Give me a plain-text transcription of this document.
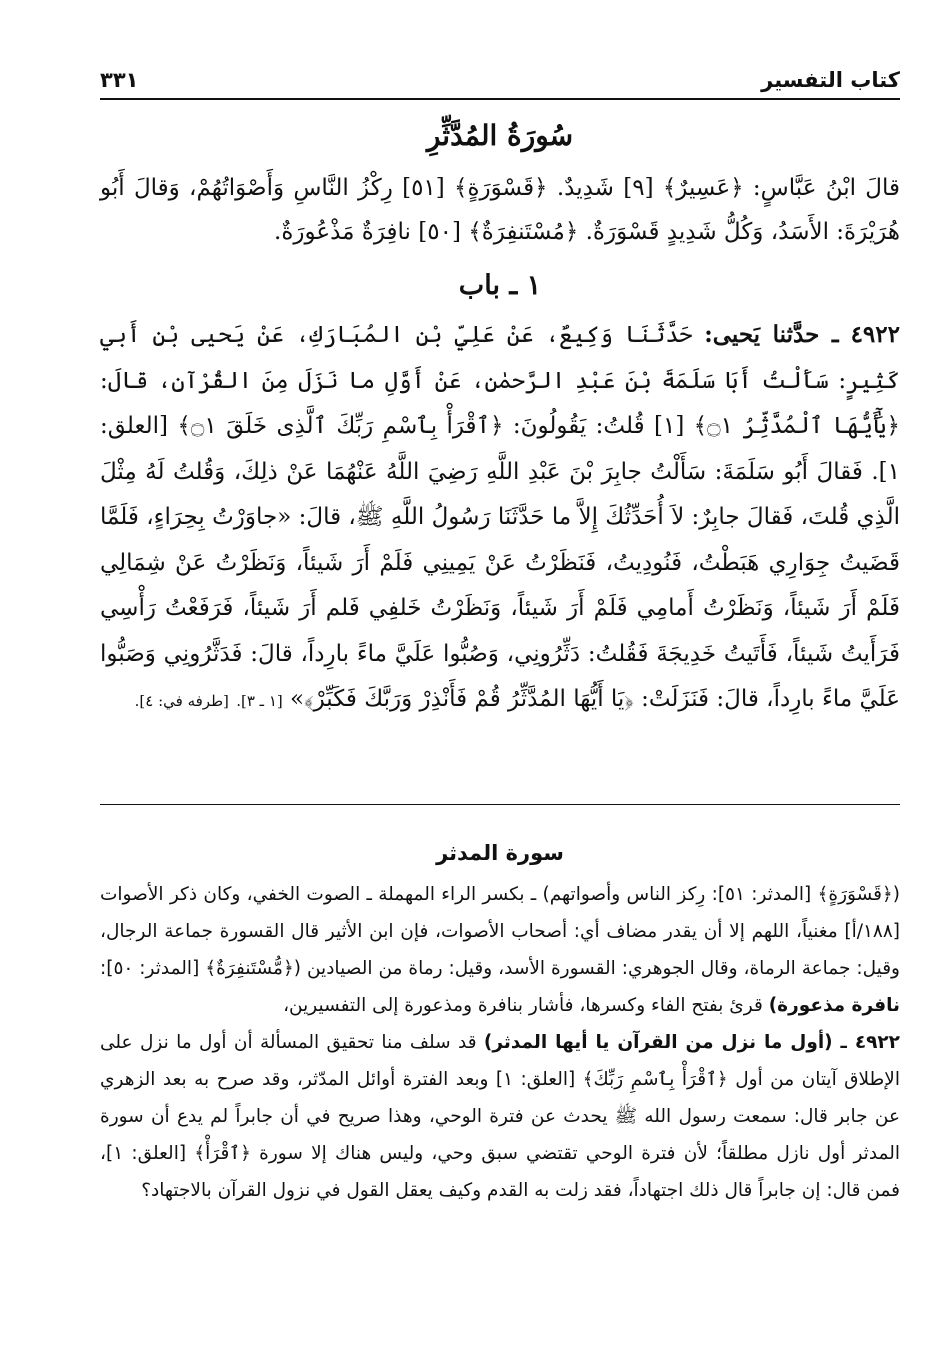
كتاب التفسير
٣٣١
سُورَةُ المُدَّثِّرِ

قالَ ابْنُ عَبَّاسٍ: ﴿عَسِيرٌ﴾ [٩] شَدِيدٌ. ﴿قَسْوَرَةٍ﴾ [٥١] رِكْزُ النَّاسِ وَأَصْوَاتُهُمْ، وَقالَ أَبُو هُرَيْرَةَ: الأَسَدُ، وَكُلُّ شَدِيدٍ قَسْوَرَةٌ. ﴿مُسْتَنفِرَةٌ﴾ [٥٠] نافِرَةٌ مَذْعُورَةٌ.

١ ـ باب

٤٩٢٢ ـ حدَّثنا يَحيى: حَدَّثَنَا وَكِيعٌ، عَنْ عَلِيِّ بْنِ المُبَارَكِ، عَنْ يَحيى بْنِ أَبي كَثِيرٍ: سَأَلْتُ أَبَا سَلَمَةَ بْنَ عَبْدِ الرَّحمٰنِ، عَنْ أَوَّلِ ما نَزَلَ مِنَ القُرْآنِ، قالَ: ﴿يَٰٓأَيُّهَا ٱلْمُدَّثِّرُ ۝١﴾ [١] قُلتُ: يَقُولُونَ: ﴿ٱقْرَأْ بِٱسْمِ رَبِّكَ ٱلَّذِى خَلَقَ ۝١﴾ [العلق: ١]. فَقالَ أَبُو سَلَمَةَ: سَأَلْتُ جابِرَ بْنَ عَبْدِ اللَّهِ رَضِيَ اللَّهُ عَنْهُمَا عَنْ ذلِكَ، وَقُلتُ لَهُ مِثْلَ الَّذِي قُلتَ، فَقالَ جابِرٌ: لاَ أُحَدِّثُكَ إِلاَّ ما حَدَّثَنَا رَسُولُ اللَّهِ ﷺ، قالَ: «جاوَرْتُ بِحِرَاءٍ، فَلَمَّا قَضَيتُ جِوَارِي هَبَطْتُ، فَنُودِيتُ، فَنَظَرْتُ عَنْ يَمِينِي فَلَمْ أَرَ شَيئاً، وَنَظَرْتُ عَنْ شِمَالِي فَلَمْ أَرَ شَيئاً، وَنَظَرْتُ أَمامِي فَلَمْ أَرَ شَيئاً، وَنَظَرْتُ خَلفِي فَلم أَرَ شَيئاً، فَرَفَعْتُ رَأْسِي فَرَأَيتُ شَيئاً، فَأَتَيتُ خَدِيجَةَ فَقُلتُ: دَثِّرُونِي، وَصُبُّوا عَلَيَّ ماءً بارِداً، قالَ: فَدَثَّرُونِي وَصَبُّوا عَلَيَّ ماءً بارِداً، قالَ: فَنَزَلَتْ: ﴿يَا أَيُّهَا المُدَّثِّرُ قُمْ فَأَنْذِرْ وَرَبَّكَ فَكَبِّرْ﴾» [١ ـ ٣]. [طرفه في: ٤].

سورة المدثر

(﴿قَسْوَرَةٍ﴾ [المدثر: ٥١]: رِكز الناس وأصواتهم) ـ بكسر الراء المهملة ـ الصوت الخفي، وكان ذكر الأصوات [١٨٨/أ] مغنياً، اللهم إلا أن يقدر مضاف أي: أصحاب الأصوات، فإن ابن الأثير قال القسورة جماعة الرجال، وقيل: جماعة الرماة، وقال الجوهري: القسورة الأسد، وقيل: رماة من الصيادين (﴿مُّسْتَنفِرَةٌ﴾ [المدثر: ٥٠]: نافرة مذعورة) قرئ بفتح الفاء وكسرها، فأشار بنافرة ومذعورة إلى التفسيرين،

٤٩٢٢ ـ (أول ما نزل من القرآن يا أيها المدثر) قد سلف منا تحقيق المسألة أن أول ما نزل على الإطلاق آيتان من أول ﴿ٱقْرَأْ بِٱسْمِ رَبِّكَ﴾ [العلق: ١] وبعد الفترة أوائل المدّثر، وقد صرح به بعد الزهري عن جابر قال: سمعت رسول الله ﷺ يحدث عن فترة الوحي، وهذا صريح في أن جابراً لم يدع أن سورة المدثر أول نازل مطلقاً؛ لأن فترة الوحي تقتضي سبق وحي، وليس هناك إلا سورة ﴿ٱقْرَأْ﴾ [العلق: ١]، فمن قال: إن جابراً قال ذلك اجتهاداً، فقد زلت به القدم وكيف يعقل القول في نزول القرآن بالاجتهاد؟
